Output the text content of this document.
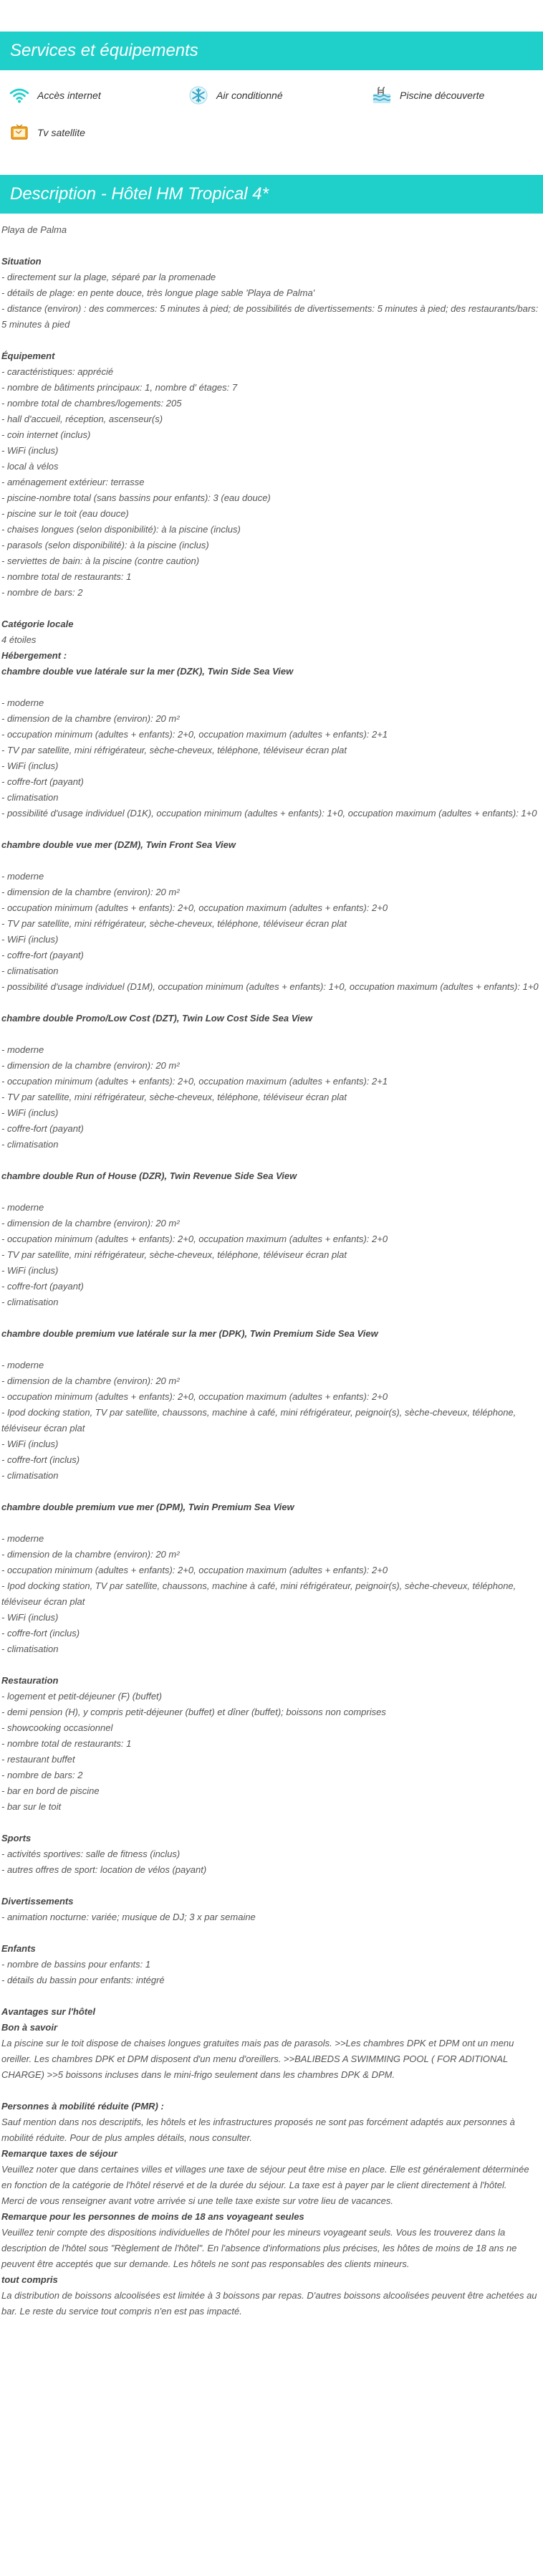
Services et équipements
Accès internet	Air conditionné	Piscine découverte
Tv satellite
Description - Hôtel HM Tropical 4*
Playa de Palma
Situation
- directement sur la plage, séparé par la promenade
- détails de plage: en pente douce, très longue plage sable 'Playa de Palma'
- distance (environ) : des commerces: 5 minutes à pied; de possibilités de divertissements: 5 minutes à pied; des restaurants/bars: 5 minutes à pied
Équipement
- caractéristiques: apprécié
- nombre de bâtiments principaux: 1, nombre d' étages: 7
- nombre total de chambres/logements: 205
- hall d'accueil, réception, ascenseur(s)
- coin internet (inclus)
- WiFi (inclus)
- local à vélos
- aménagement extérieur: terrasse
- piscine-nombre total (sans bassins pour enfants): 3 (eau douce)
- piscine sur le toit (eau douce)
- chaises longues (selon disponibilité): à la piscine (inclus)
- parasols (selon disponibilité): à la piscine (inclus)
- serviettes de bain: à la piscine (contre caution)
- nombre total de restaurants: 1
- nombre de bars: 2
Catégorie locale
4 étoiles
Hébergement :
chambre double vue latérale sur la mer (DZK), Twin Side Sea View
- moderne
- dimension de la chambre (environ): 20 m²
- occupation minimum (adultes + enfants): 2+0, occupation maximum (adultes + enfants): 2+1
- TV par satellite, mini réfrigérateur, sèche-cheveux, téléphone, téléviseur écran plat
- WiFi (inclus)
- coffre-fort (payant)
- climatisation
- possibilité d'usage individuel (D1K), occupation minimum (adultes + enfants): 1+0, occupation maximum (adultes + enfants): 1+0
chambre double vue mer (DZM), Twin Front Sea View
- moderne
- dimension de la chambre (environ): 20 m²
- occupation minimum (adultes + enfants): 2+0, occupation maximum (adultes + enfants): 2+0
- TV par satellite, mini réfrigérateur, sèche-cheveux, téléphone, téléviseur écran plat
- WiFi (inclus)
- coffre-fort (payant)
- climatisation
- possibilité d'usage individuel (D1M), occupation minimum (adultes + enfants): 1+0, occupation maximum (adultes + enfants): 1+0
chambre double Promo/Low Cost (DZT), Twin Low Cost Side Sea View
- moderne
- dimension de la chambre (environ): 20 m²
- occupation minimum (adultes + enfants): 2+0, occupation maximum (adultes + enfants): 2+1
- TV par satellite, mini réfrigérateur, sèche-cheveux, téléphone, téléviseur écran plat
- WiFi (inclus)
- coffre-fort (payant)
- climatisation
chambre double Run of House (DZR), Twin Revenue Side Sea View
- moderne
- dimension de la chambre (environ): 20 m²
- occupation minimum (adultes + enfants): 2+0, occupation maximum (adultes + enfants): 2+0
- TV par satellite, mini réfrigérateur, sèche-cheveux, téléphone, téléviseur écran plat
- WiFi (inclus)
- coffre-fort (payant)
- climatisation
chambre double premium vue latérale sur la mer (DPK), Twin Premium Side Sea View
- moderne
- dimension de la chambre (environ): 20 m²
- occupation minimum (adultes + enfants): 2+0, occupation maximum (adultes + enfants): 2+0
- Ipod docking station, TV par satellite, chaussons, machine à café, mini réfrigérateur, peignoir(s), sèche-cheveux, téléphone, téléviseur écran plat
- WiFi (inclus)
- coffre-fort (inclus)
- climatisation
chambre double premium vue mer (DPM), Twin Premium Sea View
- moderne
- dimension de la chambre (environ): 20 m²
- occupation minimum (adultes + enfants): 2+0, occupation maximum (adultes + enfants): 2+0
- Ipod docking station, TV par satellite, chaussons, machine à café, mini réfrigérateur, peignoir(s), sèche-cheveux, téléphone, téléviseur écran plat
- WiFi (inclus)
- coffre-fort (inclus)
- climatisation
Restauration
- logement et petit-déjeuner (F) (buffet)
- demi pension (H), y compris petit-déjeuner (buffet) et dîner (buffet); boissons non comprises
- showcooking occasionnel
- nombre total de restaurants: 1
- restaurant buffet
- nombre de bars: 2
- bar en bord de piscine
- bar sur le toit
Sports
- activités sportives: salle de fitness (inclus)
- autres offres de sport: location de vélos (payant)
Divertissements
- animation nocturne: variée; musique de DJ; 3 x par semaine
Enfants
- nombre de bassins pour enfants: 1
- détails du bassin pour enfants: intégré
Avantages sur l'hôtel
Bon à savoir
La piscine sur le toit dispose de chaises longues gratuites mais pas de parasols. >>Les chambres DPK et DPM ont un menu oreiller. Les chambres DPK et DPM disposent d'un menu d'oreillers. >>BALIBEDS A SWIMMING POOL ( FOR ADITIONAL CHARGE) >>5 boissons incluses dans le mini-frigo seulement dans les chambres DPK & DPM.
Personnes à mobilité réduite (PMR) :
Sauf mention dans nos descriptifs, les hôtels et les infrastructures proposés ne sont pas forcément adaptés aux personnes à mobilité réduite. Pour de plus amples détails, nous consulter.
Remarque taxes de séjour
Veuillez noter que dans certaines villes et villages une taxe de séjour peut être mise en place. Elle est généralement déterminée en fonction de la catégorie de l'hôtel réservé et de la durée du séjour. La taxe est à payer par le client directement à l'hôtel.
Merci de vous renseigner avant votre arrivée si une telle taxe existe sur votre lieu de vacances.
Remarque pour les personnes de moins de 18 ans voyageant seules
Veuillez tenir compte des dispositions individuelles de l'hôtel pour les mineurs voyageant seuls. Vous les trouverez dans la description de l'hôtel sous "Règlement de l'hôtel". En l'absence d'informations plus précises, les hôtes de moins de 18 ans ne peuvent être acceptés que sur demande. Les hôtels ne sont pas responsables des clients mineurs.
tout compris
La distribution de boissons alcoolisées est limitée à 3 boissons par repas. D'autres boissons alcoolisées peuvent être achetées au bar. Le reste du service tout compris n'en est pas impacté.
